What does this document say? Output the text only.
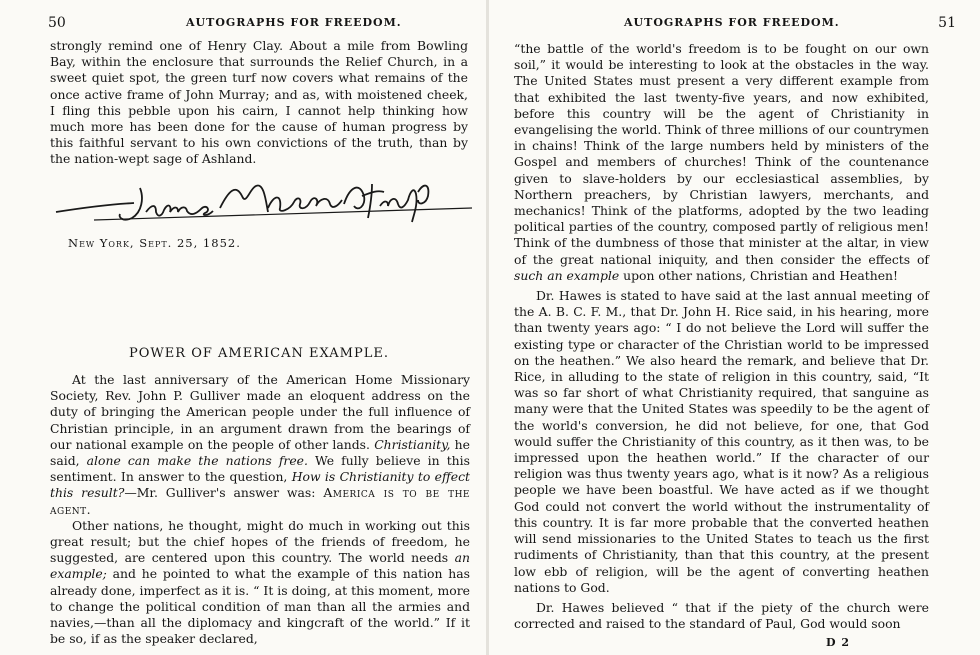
50	AUTOGRAPHS FOR FREEDOM.

strongly remind one of Henry Clay. About a mile from Bowling Bay, within the enclosure that surrounds the Relief Church, in a sweet quiet spot, the green turf now covers what remains of the once active frame of John Murray; and as, with moistened cheek, I fling this pebble upon his cairn, I cannot help thinking how much more has been done for the cause of human progress by this faithful servant to his own convictions of the truth, than by the nation-wept sage of Ashland.

New York, Sept. 25, 1852.
POWER OF AMERICAN EXAMPLE.

At the last anniversary of the American Home Missionary Society, Rev. John P. Gulliver made an eloquent address on the duty of bringing the American people under the full influence of Christian principle, in an argument drawn from the bearings of our national example on the people of other lands. Christianity, he said, alone can make the nations free. We fully believe in this sentiment. In answer to the question, How is Christianity to effect this result?—Mr. Gulliver's answer was: America is to be the agent.

Other nations, he thought, might do much in working out this great result; but the chief hopes of the friends of freedom, he suggested, are centered upon this country. The world needs an example; and he pointed to what the example of this nation has already done, imperfect as it is. “ It is doing, at this moment, more to change the political condition of man than all the armies and navies,—than all the diplomacy and kingcraft of the world.” If it be so, if as the speaker declared,

AUTOGRAPHS FOR FREEDOM.	51

“the battle of the world's freedom is to be fought on our own soil,” it would be interesting to look at the obstacles in the way. The United States must present a very different example from that exhibited the last twenty-five years, and now exhibited, before this country will be the agent of Christianity in evangelising the world. Think of three millions of our countrymen in chains! Think of the large numbers held by ministers of the Gospel and members of churches! Think of the countenance given to slave-holders by our ecclesiastical assemblies, by Northern preachers, by Christian lawyers, merchants, and mechanics! Think of the platforms, adopted by the two leading political parties of the country, composed partly of religious men! Think of the dumbness of those that minister at the altar, in view of the great national iniquity, and then consider the effects of such an example upon other nations, Christian and Heathen!

Dr. Hawes is stated to have said at the last annual meeting of the A. B. C. F. M., that Dr. John H. Rice said, in his hearing, more than twenty years ago: “ I do not believe the Lord will suffer the existing type or character of the Christian world to be impressed on the heathen.” We also heard the remark, and believe that Dr. Rice, in alluding to the state of religion in this country, said, “It was so far short of what Christianity required, that sanguine as many were that the United States was speedily to be the agent of the world's conversion, he did not believe, for one, that God would suffer the Christianity of this country, as it then was, to be impressed upon the heathen world.” If the character of our religion was thus twenty years ago, what is it now? As a religious people we have been boastful. We have acted as if we thought God could not convert the world without the instrumentality of this country. It is far more probable that the converted heathen will send missionaries to the United States to teach us the first rudiments of Christianity, than that this country, at the present low ebb of religion, will be the agent of converting heathen nations to God.

Dr. Hawes believed “ that if the piety of the church were corrected and raised to the standard of Paul, God would soon

D 2
